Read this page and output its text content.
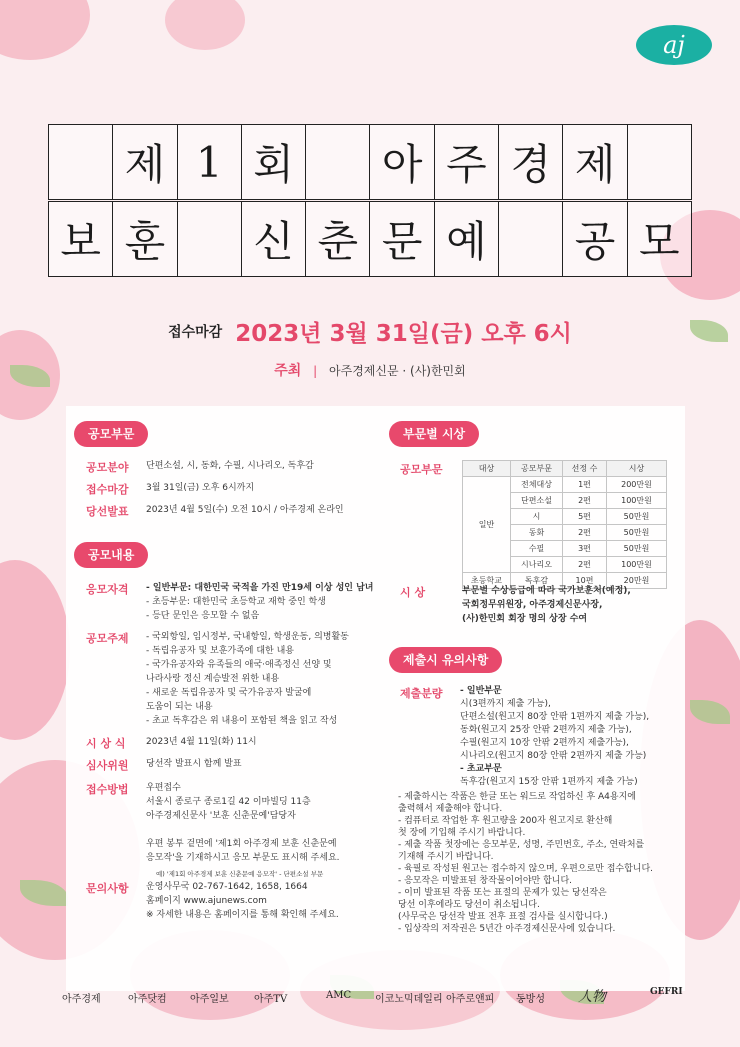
aj
제 1 회 아 주 경 제
보 훈 신 춘 문 예 공 모
접수마감 2023년 3월 31일(금) 오후 6시
주최 | 아주경제신문 · (사)한민회
공모부문
공모분야 단편소설, 시, 동화, 수필, 시나리오, 독후감
접수마감 3월 31일(금) 오후 6시까지
당선발표 2023년 4월 5일(수) 오전 10시 / 아주경제 온라인
공모내용
응모자격 - 일반부문: 대한민국 국적을 가진 만19세 이상 성인 남녀
- 초등부문: 대한민국 초등학교 재학 중인 학생
- 등단 문인은 응모할 수 없음
공모주제 - 국외항일, 임시정부, 국내항일, 학생운동, 의병활동
- 독립유공자 및 보훈가족에 대한 내용
- 국가유공자와 유족들의 애국·애족정신 선양 및
나라사랑 정신 계승발전 위한 내용
- 새로운 독립유공자 및 국가유공자 발굴에
도움이 되는 내용
- 초교 독후감은 위 내용이 포함된 책을 읽고 작성
시 상 식 2023년 4월 11일(화) 11시
심사위원 당선작 발표시 함께 발표
접수방법 우편접수
서울시 종로구 종로1길 42 이마빌딩 11층
아주경제신문사 '보훈 신춘문예'담당자

우편 봉투 겉면에 '제1회 아주경제 보훈 신춘문예
응모작'을 기재하시고 응모 부문도 표시해 주세요.
예) '제1회 아주경제 보훈 신춘문예 응모작' - 단편소설 부문
문의사항 운영사무국 02-767-1642, 1658, 1664
홈페이지 www.ajunews.com
※ 자세한 내용은 홈페이지를 통해 확인해 주세요.
부문별 시상
공모부문	대상	공모부문	선정 수	시상
일반	전체대상	1편	200만원
	단편소설	2편	100만원
	시	5편	50만원
	동화	2편	50만원
	수필	3편	50만원
	시나리오	2편	100만원
초등학교	독후감	10편	20만원
시 상	부문별 수상등급에 따라 국가보훈처(예정),
국회정무위원장, 아주경제신문사장,
(사)한민회 회장 명의 상장 수여
제출시 유의사항
제출분량 - 일반부문
시(3편까지 제출 가능),
단편소설(원고지 80장 안팎 1편까지 제출 가능),
동화(원고지 25장 안팎 2편까지 제출 가능),
수필(원고지 10장 안팎 2편까지 제출가능),
시나리오(원고지 80장 안팎 2편까지 제출 가능)
- 초교부문
독후감(원고지 15장 안팎 1편까지 제출 가능)
- 제출하시는 작품은 한글 또는 워드로 작업하신 후 A4용지에
출력해서 제출해야 합니다.
- 컴퓨터로 작업한 후 원고량을 200자 원고지로 환산해
첫 장에 기입해 주시기 바랍니다.
- 제출 작품 첫장에는 응모부문, 성명, 주민번호, 주소, 연락처를
기재해 주시기 바랍니다.
- 육필로 작성된 원고는 접수하지 않으며, 우편으로만 접수합니다.
- 응모작은 미발표된 창작물이어야만 합니다.
- 이미 발표된 작품 또는 표절의 문제가 있는 당선작은
당선 이후에라도 당선이 취소됩니다.
(사무국은 당선작 발표 전후 표절 검사를 실시합니다.)
- 입상작의 저작권은 5년간 아주경제신문사에 있습니다.
아주경제	아주닷컴 아주일보	아주TV	AMC 이코노믹데일리 아주로앤피 동방성 人物	GEFRI
